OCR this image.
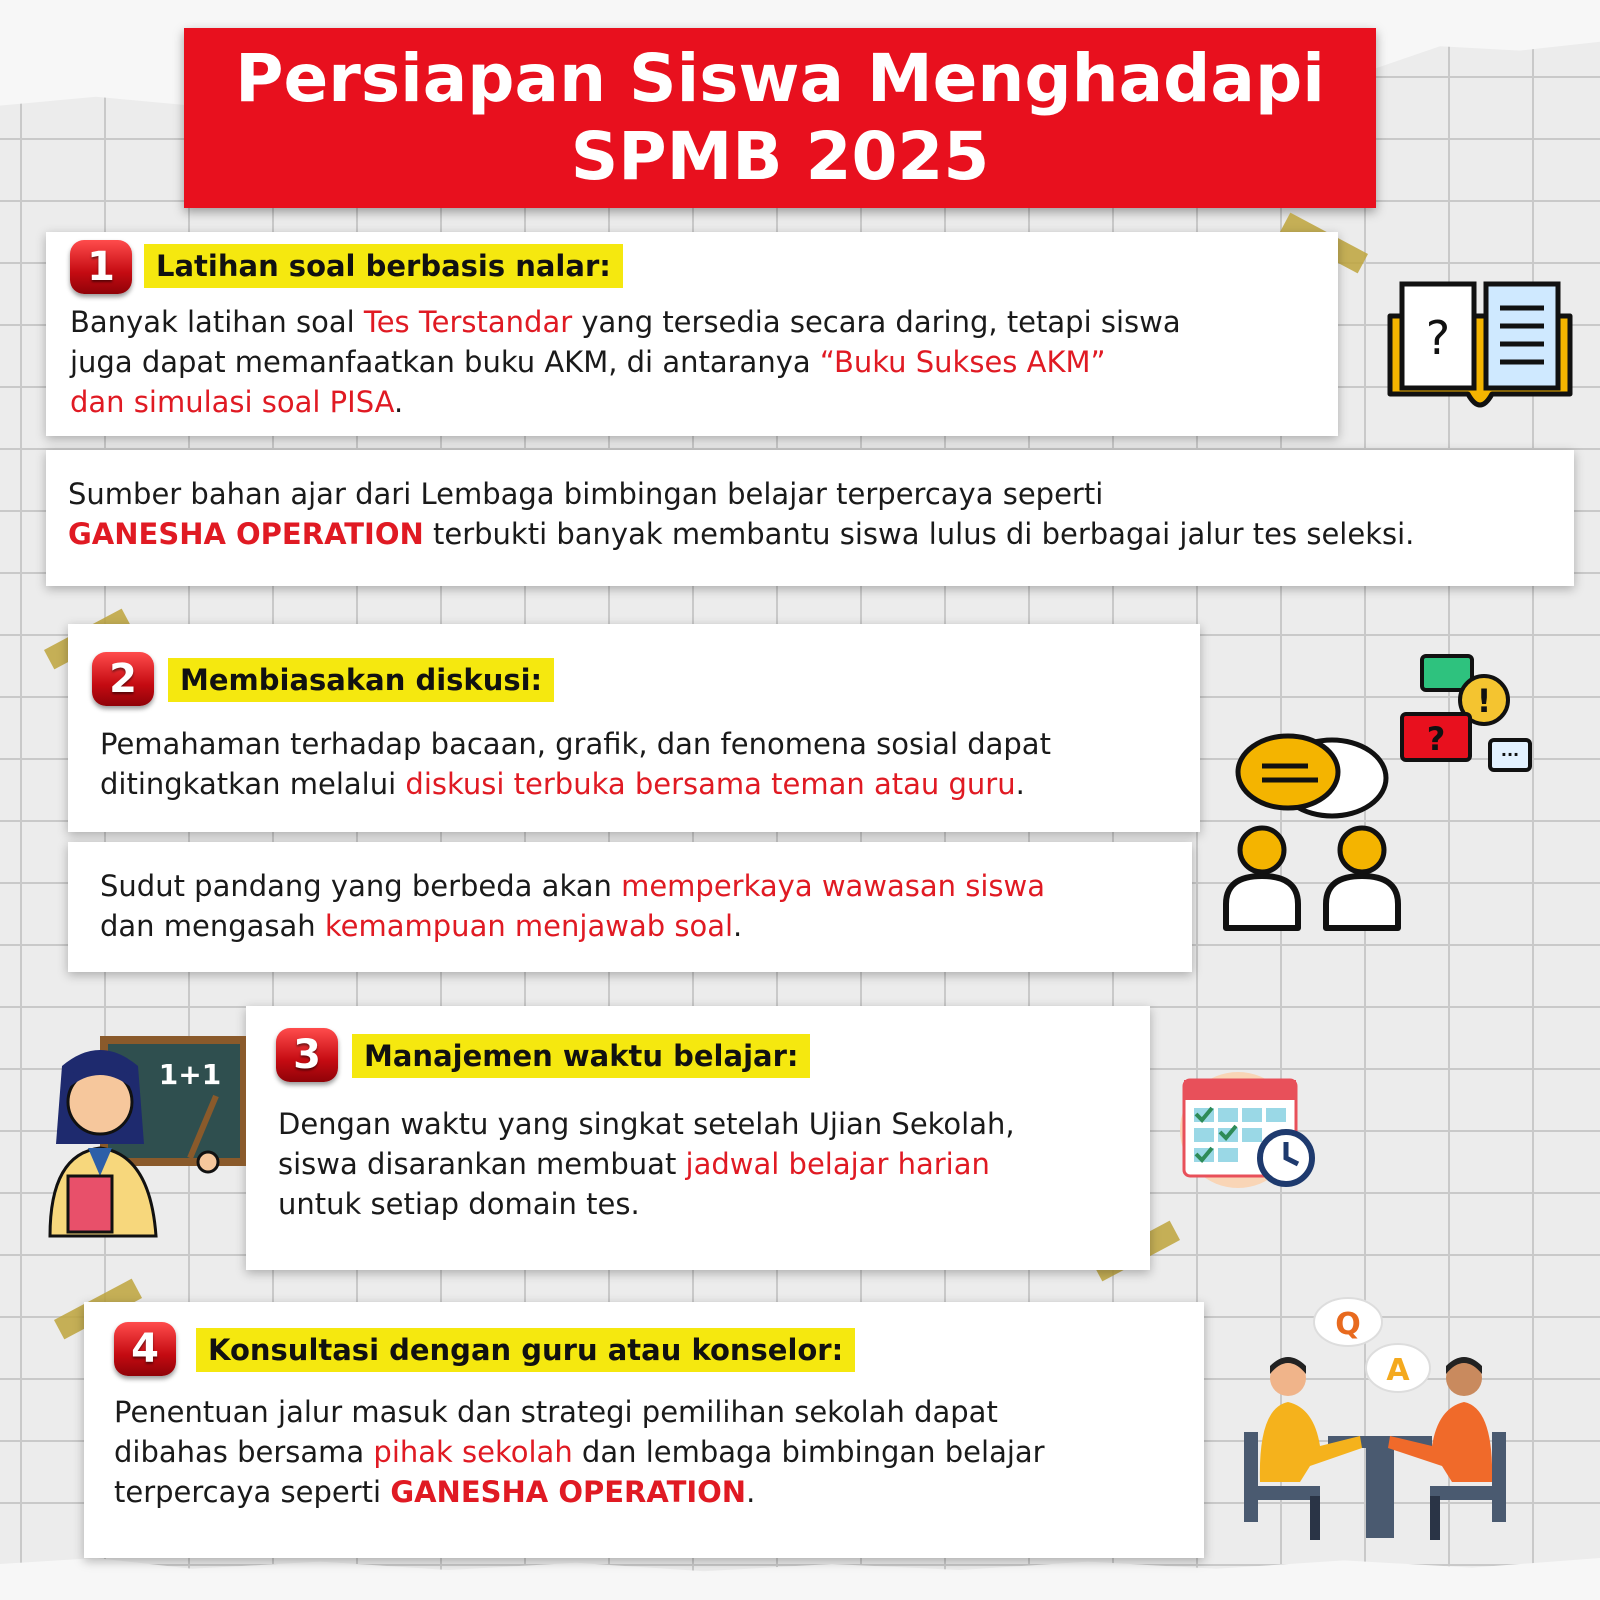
Persiapan Siswa Menghadapi
SPMB 2025
1	Latihan soal berbasis nalar:
Banyak latihan soal Tes Terstandar yang tersedia secara daring, tetapi siswa
juga dapat memanfaatkan buku AKM, di antaranya “Buku Sukses AKM”
dan simulasi soal PISA.
Sumber bahan ajar dari Lembaga bimbingan belajar terpercaya seperti
GANESHA OPERATION terbukti banyak membantu siswa lulus di berbagai jalur tes seleksi.
?
2	Membiasakan diskusi:
Pemahaman terhadap bacaan, grafik, dan fenomena sosial dapat
ditingkatkan melalui diskusi terbuka bersama teman atau guru.
Sudut pandang yang berbeda akan memperkaya wawasan siswa
dan mengasah kemampuan menjawab soal.
!
?	···
3	Manajemen waktu belajar:
Dengan waktu yang singkat setelah Ujian Sekolah,
siswa disarankan membuat jadwal belajar harian
untuk setiap domain tes.
1+1
4	Konsultasi dengan guru atau konselor:
Penentuan jalur masuk dan strategi pemilihan sekolah dapat
dibahas bersama pihak sekolah dan lembaga bimbingan belajar
terpercaya seperti GANESHA OPERATION.
Q
A
